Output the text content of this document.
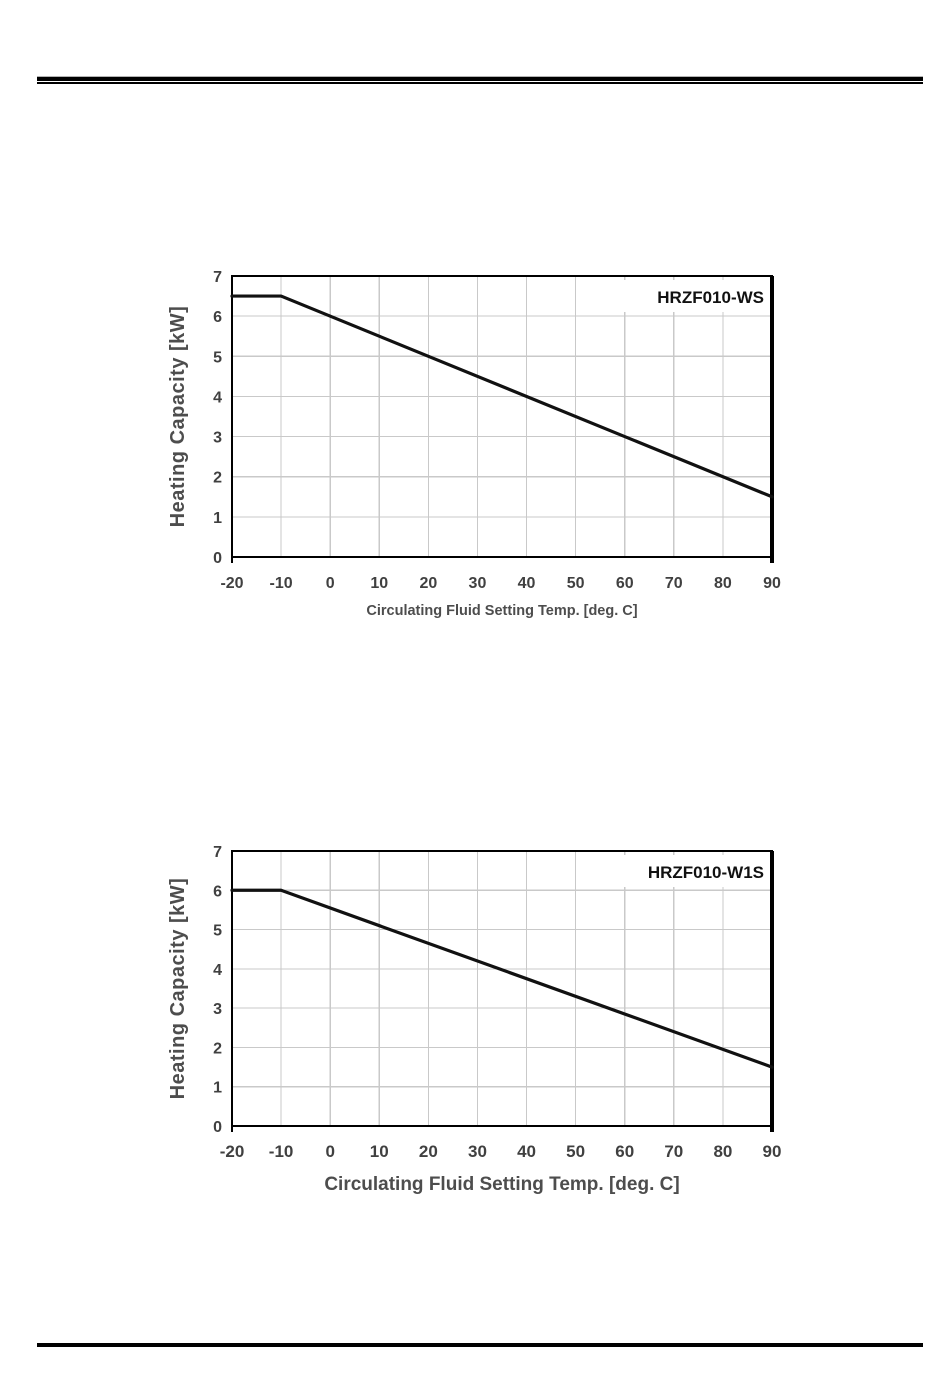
HRZF010-WS
0
1
2
3
4
5
6
7
-20 -10 0 10 20 30 40 50 60 70 80 90
Circulating Fluid Setting Temp. [deg. C]
Heating Capacity [kW]
HRZF010-W1S
0
1
2
3
4
5
6
7
-20 -10 0 10 20 30 40 50 60 70 80 90
Circulating Fluid Setting Temp. [deg. C]
Heating Capacity [kW]
